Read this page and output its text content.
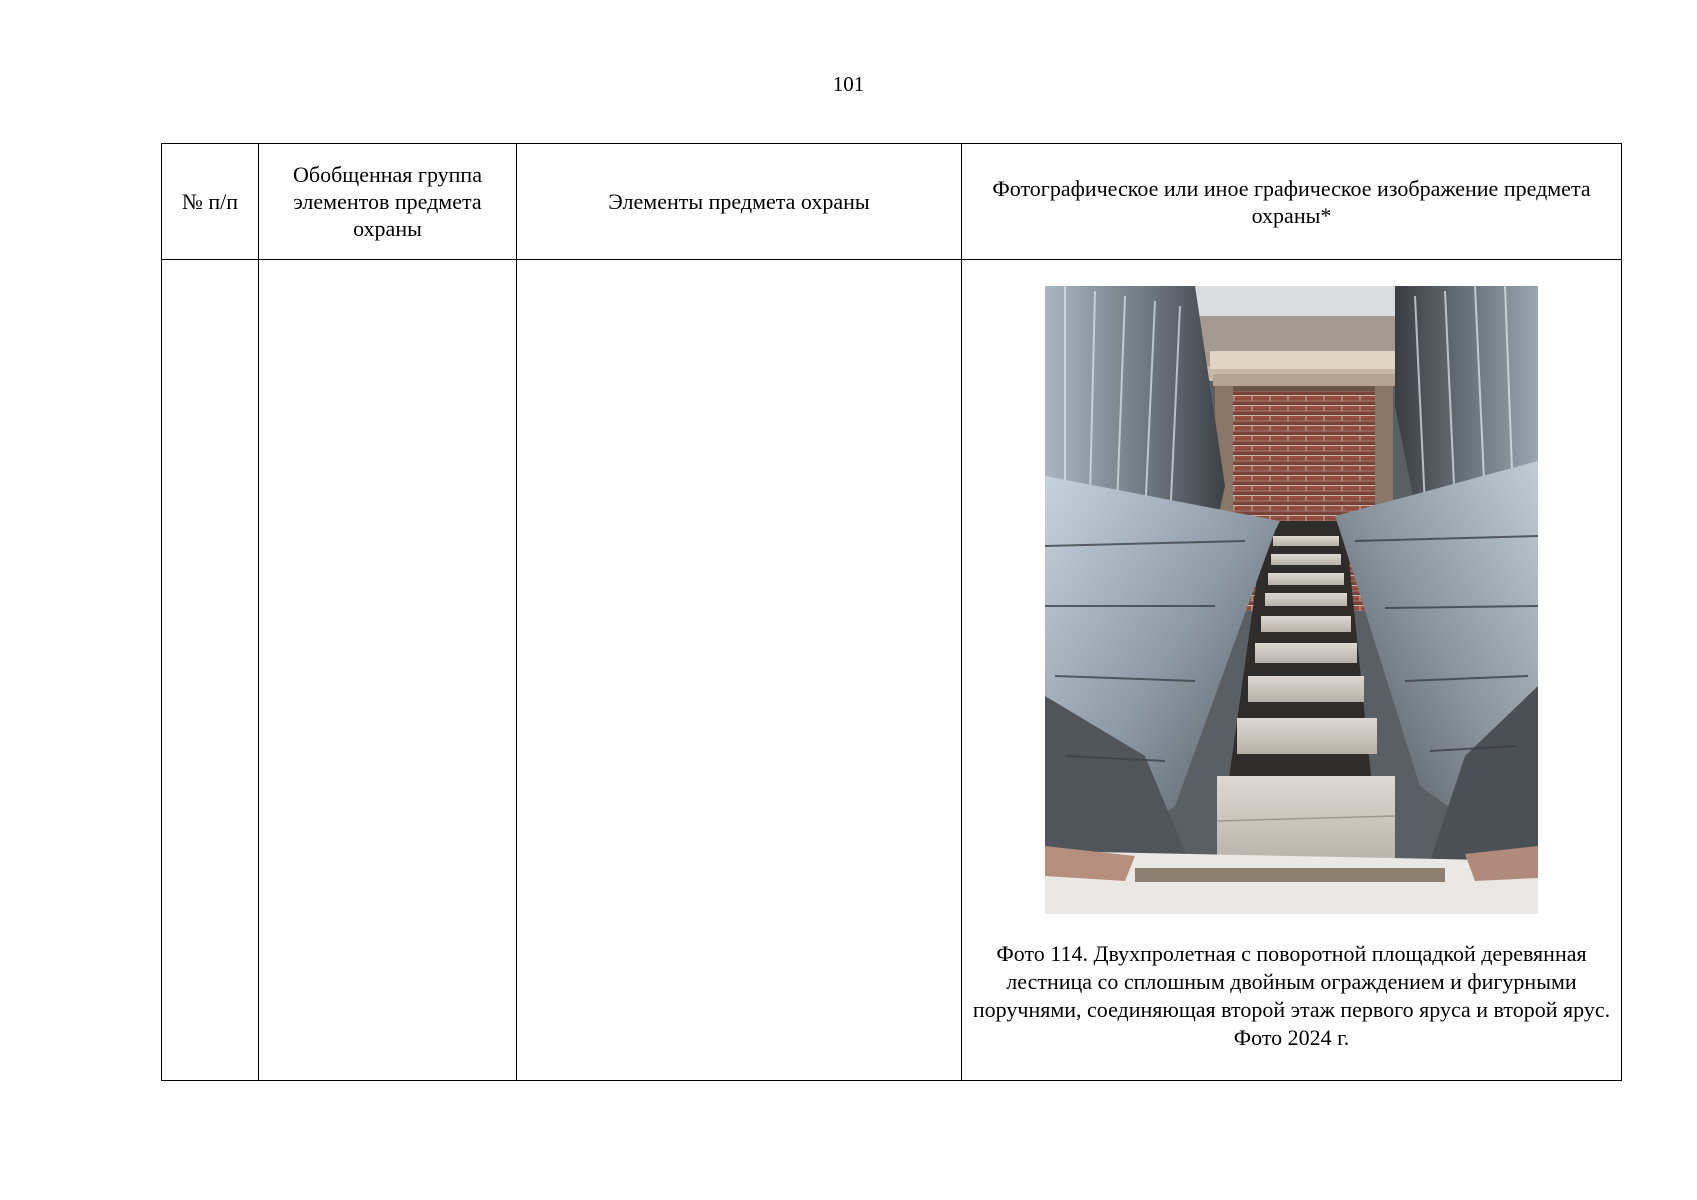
101
№ п/п	Обобщенная группа элементов предмета охраны	Элементы предмета охраны	Фотографическое или иное графическое изображение предмета охраны*

			Фото 114. Двухпролетная с поворотной площадкой деревянная лестница со сплошным двойным ограждением и фигурными поручнями, соединяющая второй этаж первого яруса и второй ярус. Фото 2024 г.
